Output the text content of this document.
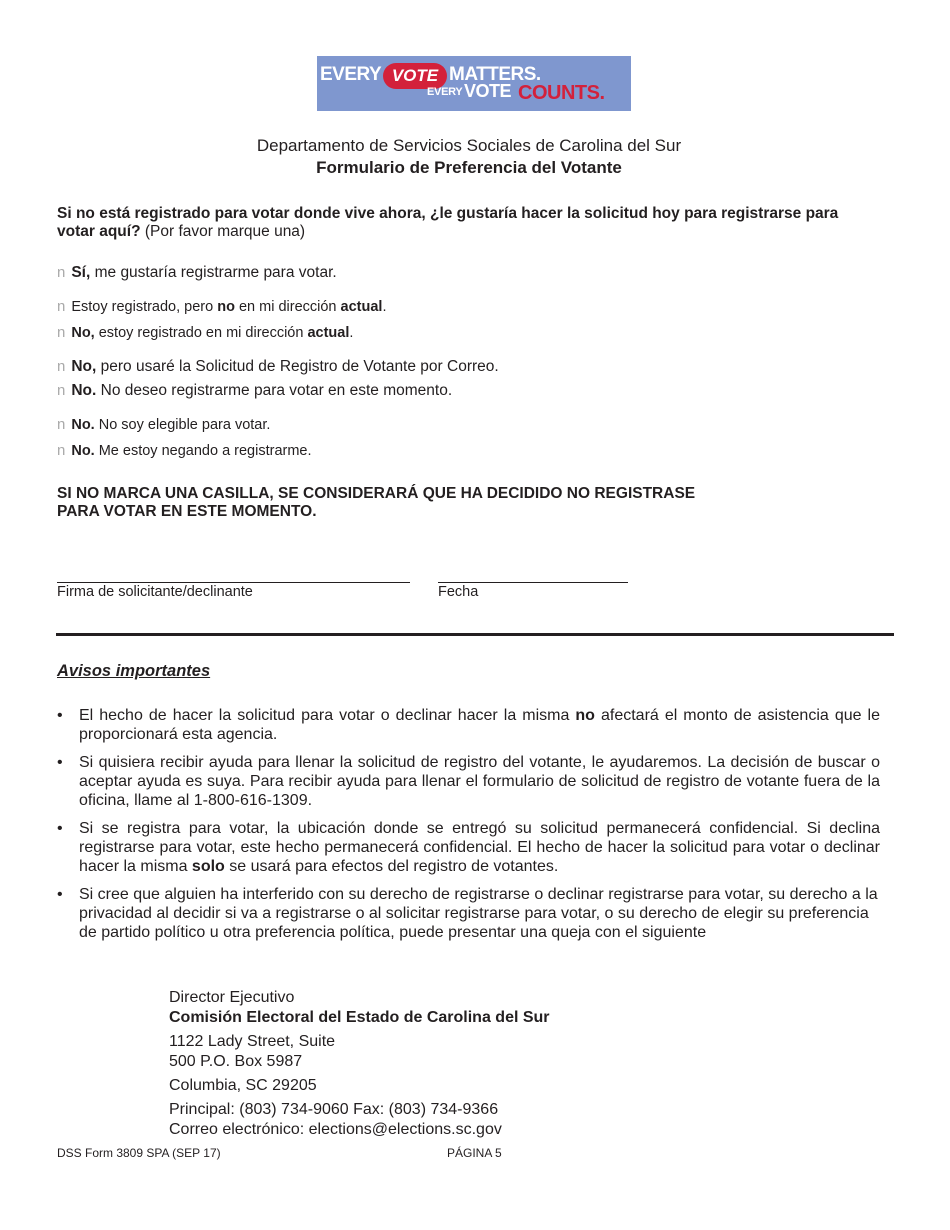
EVERY VOTE MATTERS.
EVERY VOTE COUNTS.
Departamento de Servicios Sociales de Carolina del Sur
Formulario de Preferencia del Votante
Si no está registrado para votar donde vive ahora, ¿le gustaría hacer la solicitud hoy para registrarse para votar aquí? (Por favor marque una)
n Sí, me gustaría registrarme para votar.
n Estoy registrado, pero no en mi dirección actual.
n No, estoy registrado en mi dirección actual.
n No, pero usaré la Solicitud de Registro de Votante por Correo.
n No. No deseo registrarme para votar en este momento.
n No. No soy elegible para votar.
n No. Me estoy negando a registrarme.
SI NO MARCA UNA CASILLA, SE CONSIDERARÁ QUE HA DECIDIDO NO REGISTRASE
PARA VOTAR EN ESTE MOMENTO.
Firma de solicitante/declinante	Fecha
Avisos importantes
• El hecho de hacer la solicitud para votar o declinar hacer la misma no afectará el monto de asistencia que le proporcionará esta agencia.
• Si quisiera recibir ayuda para llenar la solicitud de registro del votante, le ayudaremos. La decisión de buscar o aceptar ayuda es suya. Para recibir ayuda para llenar el formulario de solicitud de registro de votante fuera de la oficina, llame al 1-800-616-1309.
• Si se registra para votar, la ubicación donde se entregó su solicitud permanecerá confidencial. Si declina registrarse para votar, este hecho permanecerá confidencial. El hecho de hacer la solicitud para votar o declinar hacer la misma solo se usará para efectos del registro de votantes.
• Si cree que alguien ha interferido con su derecho de registrarse o declinar registrarse para votar, su derecho a la privacidad al decidir si va a registrarse o al solicitar registrarse para votar, o su derecho de elegir su preferencia de partido político u otra preferencia política, puede presentar una queja con el siguiente
Director Ejecutivo
Comisión Electoral del Estado de Carolina del Sur
1122 Lady Street, Suite
500 P.O. Box 5987
Columbia, SC 29205
Principal: (803) 734-9060 Fax: (803) 734-9366
Correo electrónico: elections@elections.sc.gov
DSS Form 3809 SPA (SEP 17)	PÁGINA 5
